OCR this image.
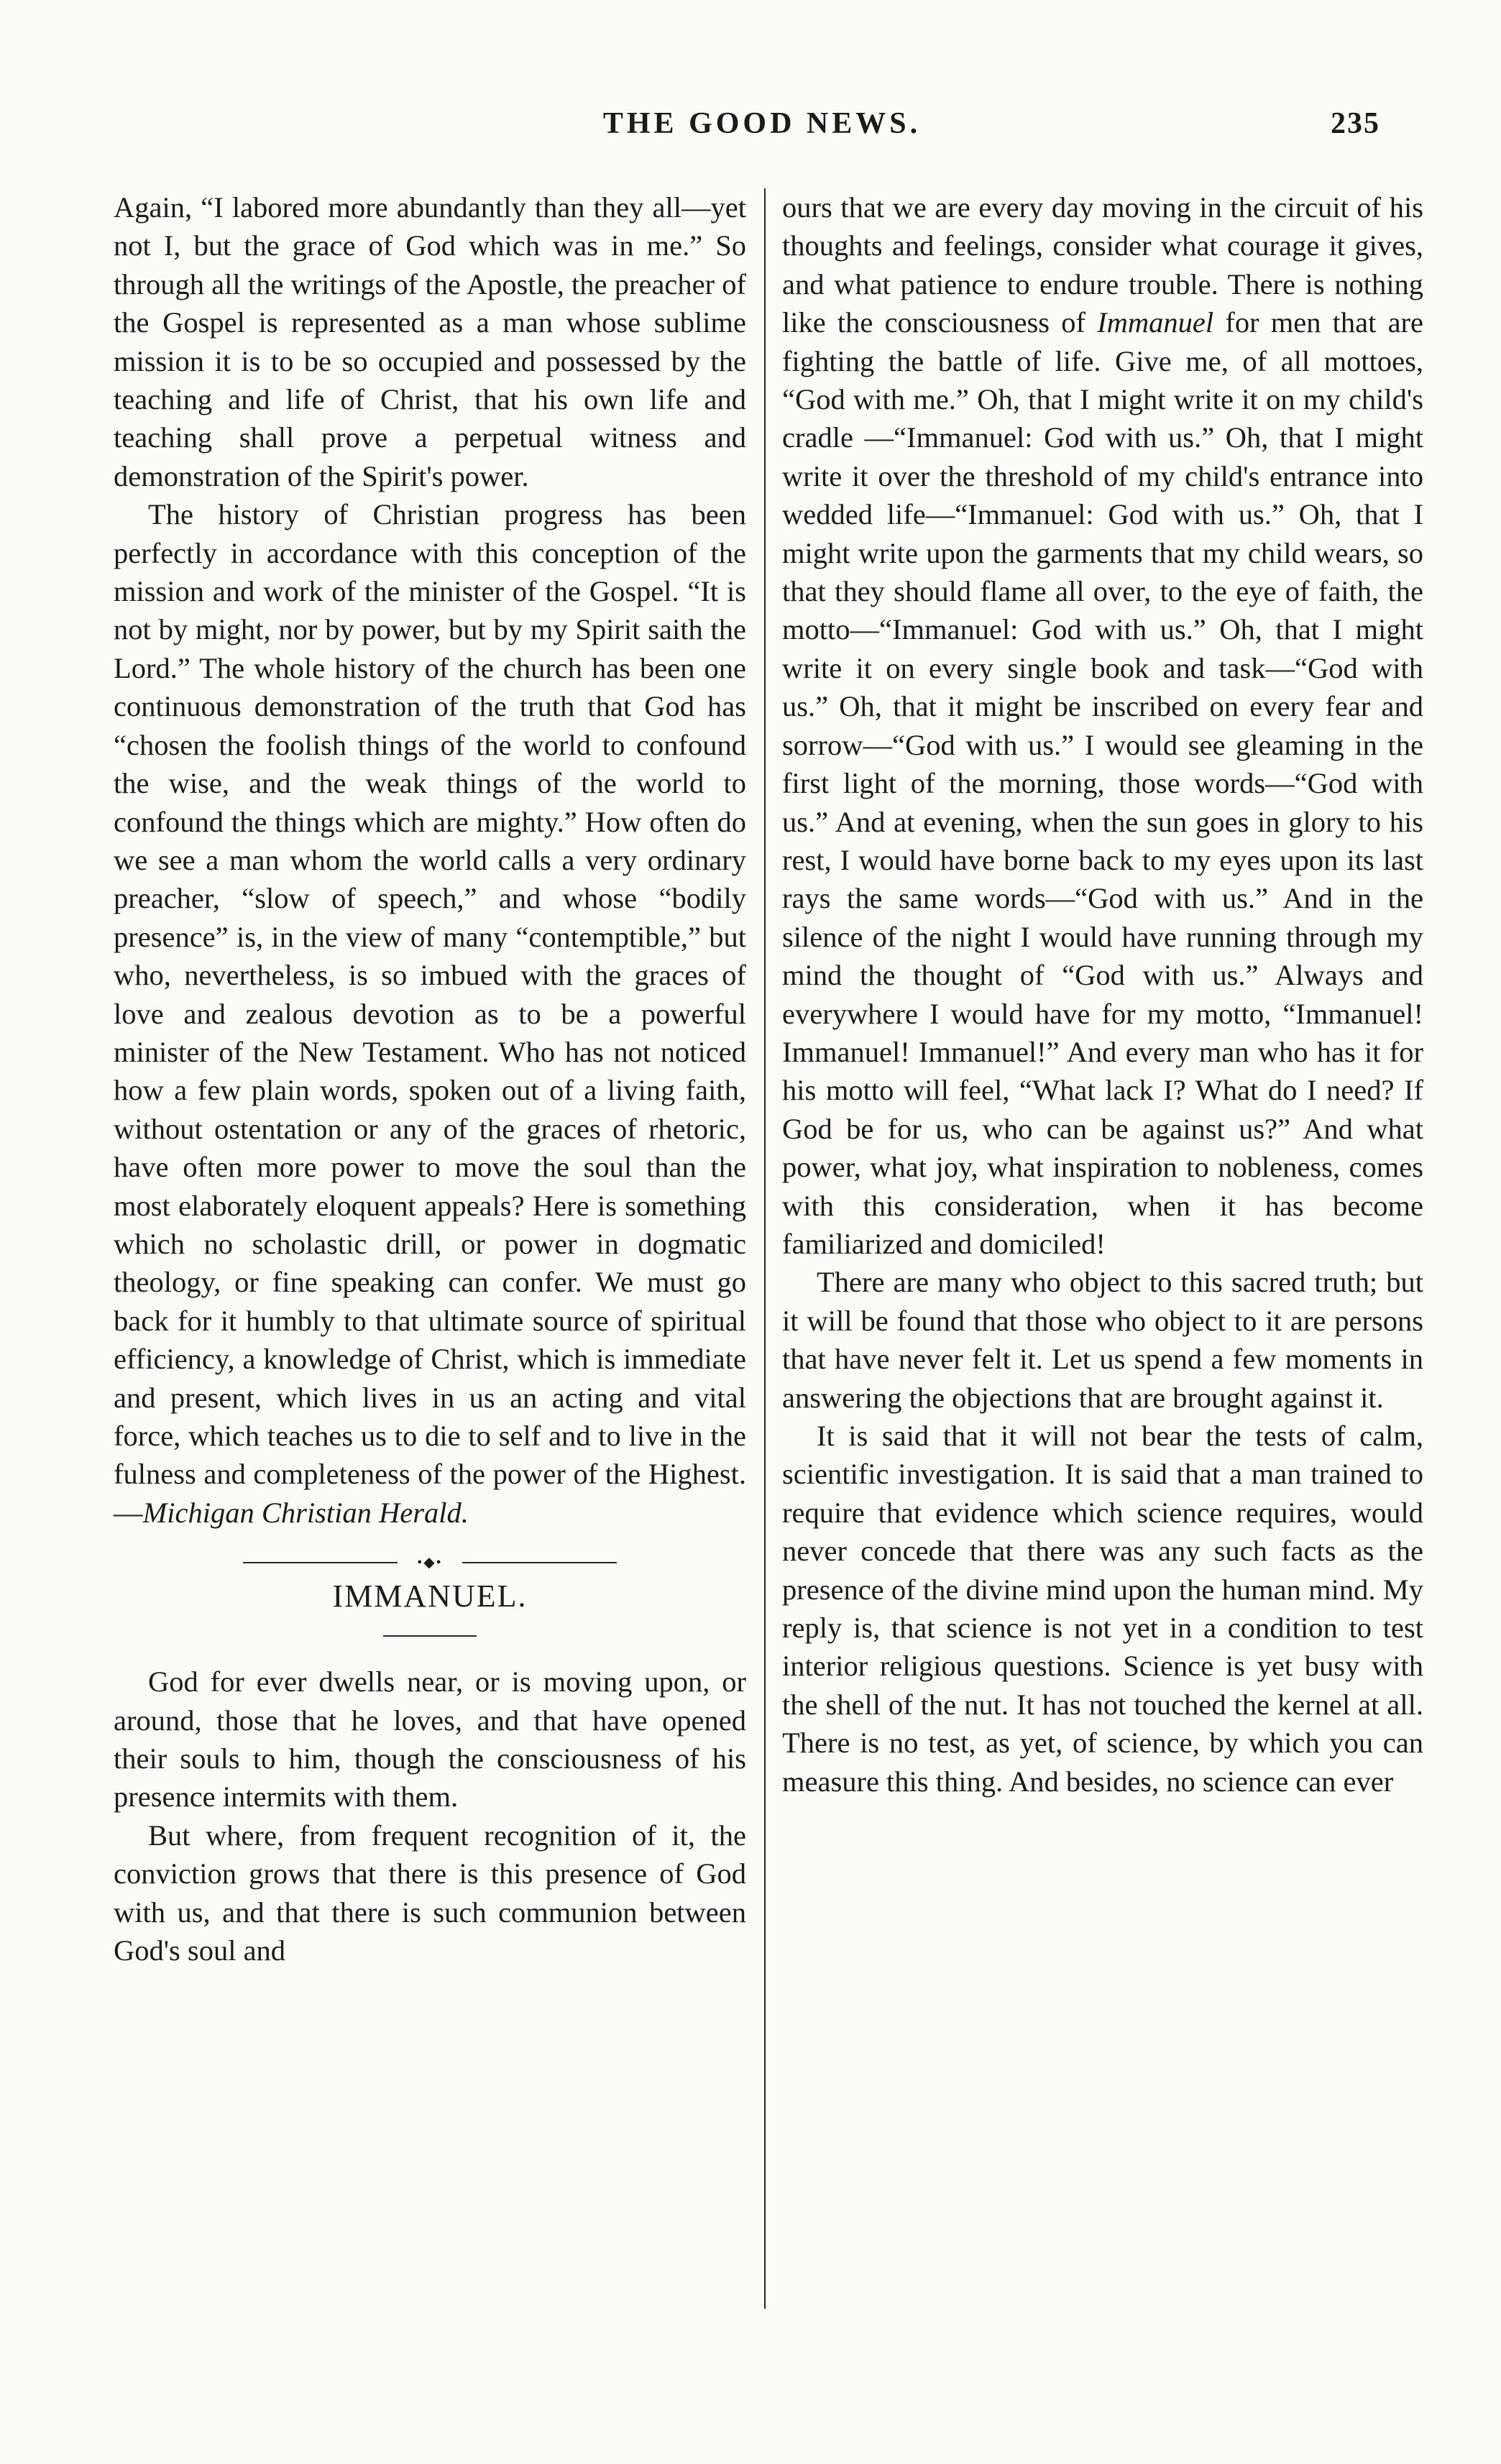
THE GOOD NEWS.	235

Again, “I labored more abundantly than they all—yet not I, but the grace of God which was in me.” So through all the writings of the Apostle, the preacher of the Gospel is represented as a man whose sublime mission it is to be so occupied and possessed by the teaching and life of Christ, that his own life and teaching shall prove a perpetual witness and demonstration of the Spirit's power.

The history of Christian progress has been perfectly in accordance with this conception of the mission and work of the minister of the Gospel. “It is not by might, nor by power, but by my Spirit saith the Lord.” The whole history of the church has been one continuous demonstration of the truth that God has “chosen the foolish things of the world to confound the wise, and the weak things of the world to confound the things which are mighty.” How often do we see a man whom the world calls a very ordinary preacher, “slow of speech,” and whose “bodily presence” is, in the view of many “contemptible,” but who, nevertheless, is so imbued with the graces of love and zealous devotion as to be a powerful minister of the New Testament. Who has not noticed how a few plain words, spoken out of a living faith, without ostentation or any of the graces of rhetoric, have often more power to move the soul than the most elaborately eloquent appeals? Here is something which no scholastic drill, or power in dogmatic theology, or fine speaking can confer. We must go back for it humbly to that ultimate source of spiritual efficiency, a knowledge of Christ, which is immediate and present, which lives in us an acting and vital force, which teaches us to die to self and to live in the fulness and completeness of the power of the Highest.—Michigan Christian Herald.

•◆•
IMMANUEL.

God for ever dwells near, or is moving upon, or around, those that he loves, and that have opened their souls to him, though the consciousness of his presence intermits with them.

But where, from frequent recognition of it, the conviction grows that there is this presence of God with us, and that there is such communion between God's soul and

ours that we are every day moving in the circuit of his thoughts and feelings, consider what courage it gives, and what patience to endure trouble. There is nothing like the consciousness of Immanuel for men that are fighting the battle of life. Give me, of all mottoes, “God with me.” Oh, that I might write it on my child's cradle —“Immanuel: God with us.” Oh, that I might write it over the threshold of my child's entrance into wedded life—“Immanuel: God with us.” Oh, that I might write upon the garments that my child wears, so that they should flame all over, to the eye of faith, the motto—“Immanuel: God with us.” Oh, that I might write it on every single book and task—“God with us.” Oh, that it might be inscribed on every fear and sorrow—“God with us.” I would see gleaming in the first light of the morning, those words—“God with us.” And at evening, when the sun goes in glory to his rest, I would have borne back to my eyes upon its last rays the same words—“God with us.” And in the silence of the night I would have running through my mind the thought of “God with us.” Always and everywhere I would have for my motto, “Immanuel! Immanuel! Immanuel!” And every man who has it for his motto will feel, “What lack I? What do I need? If God be for us, who can be against us?” And what power, what joy, what inspiration to nobleness, comes with this consideration, when it has become familiarized and domiciled!

There are many who object to this sacred truth; but it will be found that those who object to it are persons that have never felt it. Let us spend a few moments in answering the objections that are brought against it.

It is said that it will not bear the tests of calm, scientific investigation. It is said that a man trained to require that evidence which science requires, would never concede that there was any such facts as the presence of the divine mind upon the human mind. My reply is, that science is not yet in a condition to test interior religious questions. Science is yet busy with the shell of the nut. It has not touched the kernel at all. There is no test, as yet, of science, by which you can measure this thing. And besides, no science can ever
